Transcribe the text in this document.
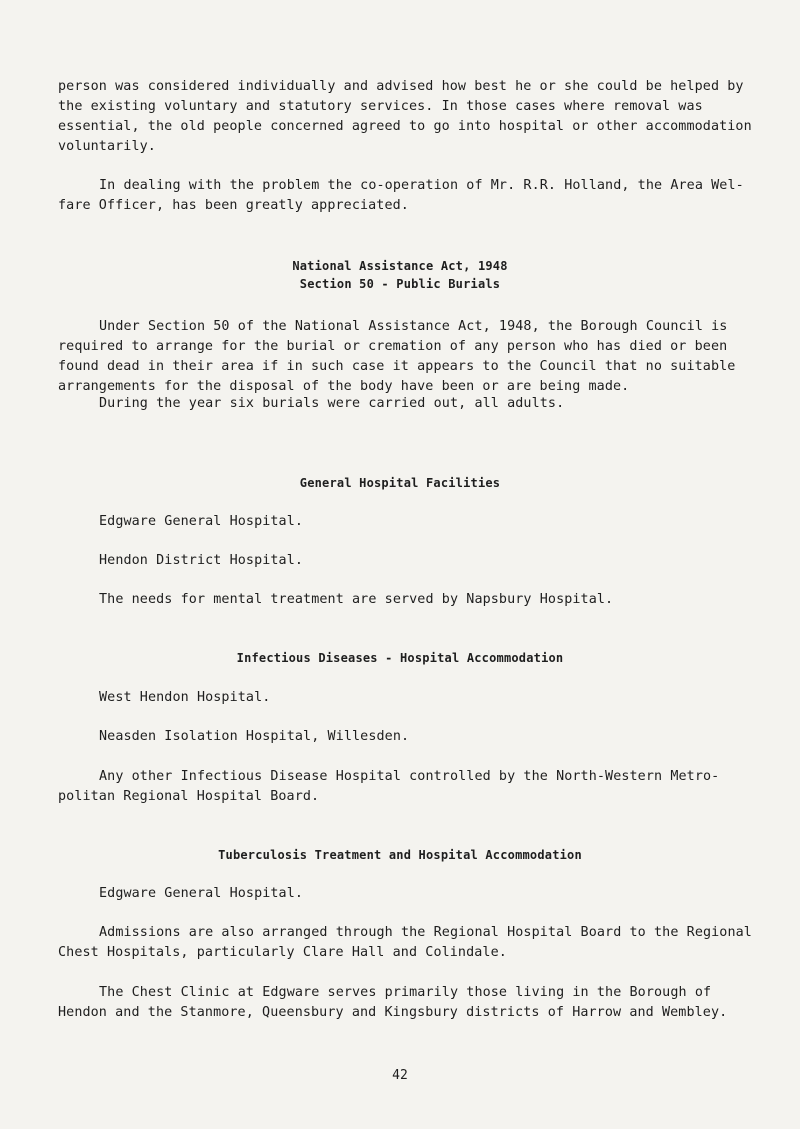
person was considered individually and advised how best he or she could be helped by
the existing voluntary and statutory services. In those cases where removal was
essential, the old people concerned agreed to go into hospital or other accommodation
voluntarily.

In dealing with the problem the co-operation of Mr. R.R. Holland, the Area Wel-
fare Officer, has been greatly appreciated.

National Assistance Act, 1948
Section 50 - Public Burials

Under Section 50 of the National Assistance Act, 1948, the Borough Council is
required to arrange for the burial or cremation of any person who has died or been
found dead in their area if in such case it appears to the Council that no suitable
arrangements for the disposal of the body have been or are being made.

During the year six burials were carried out, all adults.

General Hospital Facilities

Edgware General Hospital.

Hendon District Hospital.

The needs for mental treatment are served by Napsbury Hospital.

Infectious Diseases - Hospital Accommodation

West Hendon Hospital.

Neasden Isolation Hospital, Willesden.

Any other Infectious Disease Hospital controlled by the North-Western Metro-
politan Regional Hospital Board.

Tuberculosis Treatment and Hospital Accommodation

Edgware General Hospital.

Admissions are also arranged through the Regional Hospital Board to the Regional
Chest Hospitals, particularly Clare Hall and Colindale.

The Chest Clinic at Edgware serves primarily those living in the Borough of
Hendon and the Stanmore, Queensbury and Kingsbury districts of Harrow and Wembley.

42
